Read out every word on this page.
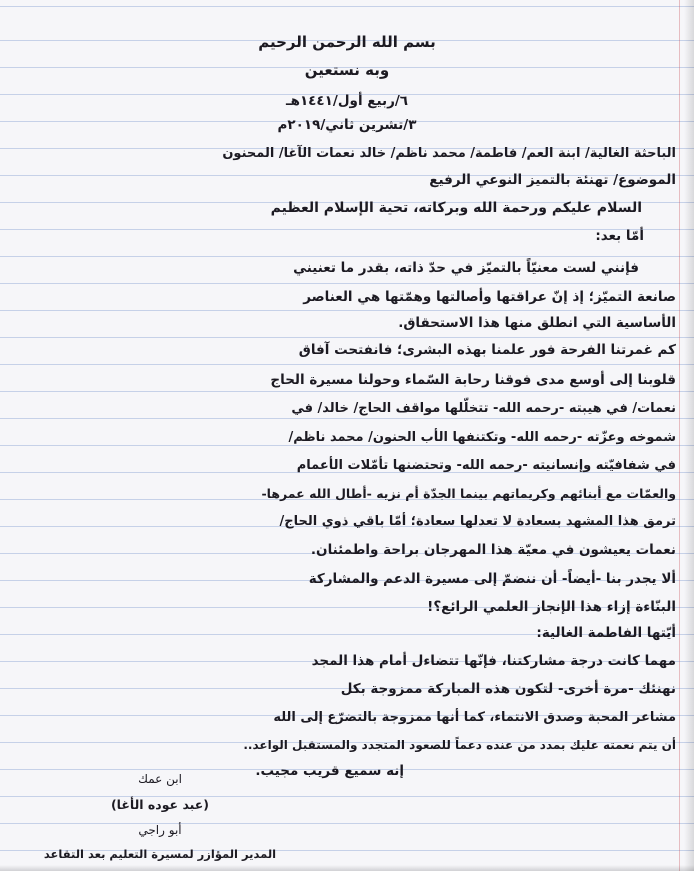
بسم الله الرحمن الرحيم
وبه نستعين
٦/ربيع أول/١٤٤١هـ
٣/تشرين ثاني/٢٠١٩م
الباحثة الغالية/ ابنة العم/ فاطمة/ محمد ناظم/ خالد نعمات الآغا/ المحنون
الموضوع/ تهنئة بالتميز النوعي الرفيع
السلام عليكم ورحمة الله وبركاته، تحية الإسلام العظيم
أمّا بعد:
فإنني لست معنيّاً بالتميّز في حدّ ذاته، بقدر ما تعنيني
صانعة التميّز؛ إذ إنّ عراقتها وأصالتها وهمّتها هي العناصر
الأساسية التي انطلق منها هذا الاستحقاق.
كم غمرتنا الفرحة فور علمنا بهذه البشرى؛ فانفتحت آفاق
قلوبنا إلى أوسع مدى فوقنا رحابة السّماء وحولنا مسيرة الحاج
نعمات/ في هيبته -رحمه الله- تتخلّلها مواقف الحاج/ خالد/ في
شموخه وعزّته -رحمه الله- وتكتنفها الأب الحنون/ محمد ناظم/
في شفافيّته وإنسانيته -رحمه الله- وتحتضنها تأمّلات الأعمام
والعمّات مع أبنائهم وكريماتهم بينما الجدّة أم نزيه -أطال الله عمرها-
ترمق هذا المشهد بسعادة لا تعدلها سعادة؛ أمّا باقي ذوي الحاج/
نعمات يعيشون في معيّة هذا المهرجان براحة واطمئنان.
ألا يجدر بنا -أيضاً- أن ننضمّ إلى مسيرة الدعم والمشاركة
البنّاءة إزاء هذا الإنجاز العلمي الرائع؟!
أيّتها الفاطمة الغالية:
مهما كانت درجة مشاركتنا، فإنّها تتضاءل أمام هذا المجد
نهنئك -مرة أخرى- لتكون هذه المباركة ممزوجة بكل
مشاعر المحبة وصدق الانتماء، كما أنها ممزوجة بالتضرّع إلى الله
أن يتم نعمته عليك بمدد من عنده دعماً للصعود المتجدد والمستقبل الواعد..
إنه سميع قريب مجيب.
ابن عمك
(عبد عوده الأغا)
أبو راجي
المدير المؤازر لمسيرة التعليم بعد التقاعد
